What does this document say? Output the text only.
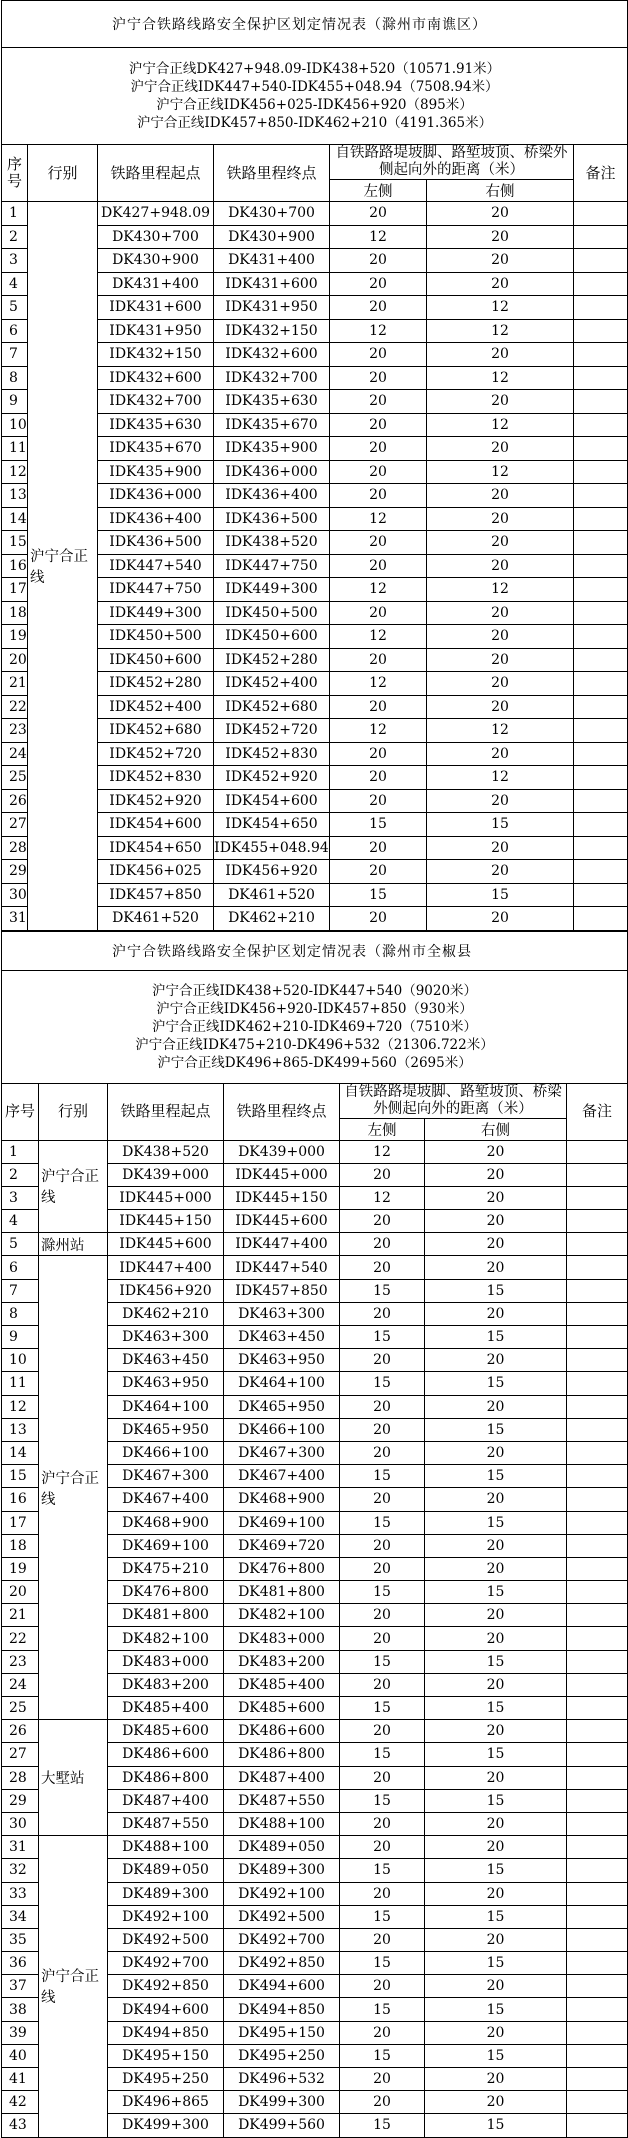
沪宁合铁路线路安全保护区划定情况表（滁州市南谯区）						

沪宁合正线DK427+948.09-IDK438+520（10571.91米）
沪宁合正线IDK447+540-IDK455+048.94（7508.94米）
沪宁合正线IDK456+025-IDK456+920（895米）
沪宁合正线IDK457+850-IDK462+210（4191.365米）						

序号	行别	铁路里程起点	铁路里程终点	自铁路路堤坡脚、路堑坡顶、桥梁外侧起向外的距离（米）		备注
				左侧	右侧	
1	沪宁合正线	DK427+948.09	DK430+700	20	20	
2		DK430+700	DK430+900	12	20	
3		DK430+900	DK431+400	20	20	
4		DK431+400	IDK431+600	20	20	
5		IDK431+600	IDK431+950	20	12	
6		IDK431+950	IDK432+150	12	12	
7		IDK432+150	IDK432+600	20	20	
8		IDK432+600	IDK432+700	20	12	
9		IDK432+700	IDK435+630	20	20	
10		IDK435+630	IDK435+670	20	12	
11		IDK435+670	IDK435+900	20	20	
12		IDK435+900	IDK436+000	20	12	
13		IDK436+000	IDK436+400	20	20	
14		IDK436+400	IDK436+500	12	20	
15		IDK436+500	IDK438+520	20	20	
16		IDK447+540	IDK447+750	20	20	
17		IDK447+750	IDK449+300	12	12	
18		IDK449+300	IDK450+500	20	20	
19		IDK450+500	IDK450+600	12	20	
20		IDK450+600	IDK452+280	20	20	
21		IDK452+280	IDK452+400	12	20	
22		IDK452+400	IDK452+680	20	20	
23		IDK452+680	IDK452+720	12	12	
24		IDK452+720	IDK452+830	20	20	
25		IDK452+830	IDK452+920	20	12	
26		IDK452+920	IDK454+600	20	20	
27		IDK454+600	IDK454+650	15	15	
28		IDK454+650	IDK455+048.94	20	20	
29		IDK456+025	IDK456+920	20	20	
30		IDK457+850	DK461+520	15	15	
31		DK461+520	DK462+210	20	20	
沪宁合铁路线路安全保护区划定情况表（滁州市全椒县						

沪宁合正线IDK438+520-IDK447+540（9020米）
沪宁合正线IDK456+920-IDK457+850（930米）
沪宁合正线IDK462+210-IDK469+720（7510米）
沪宁合正线IDK475+210-DK496+532（21306.722米）
沪宁合正线DK496+865-DK499+560（2695米）						

序号	行别	铁路里程起点	铁路里程终点	自铁路路堤坡脚、路堑坡顶、桥梁外侧起向外的距离（米）		备注
				左侧	右侧	
1	沪宁合正线	DK438+520	DK439+000	12	20	
2		DK439+000	IDK445+000	20	20	
3		IDK445+000	IDK445+150	12	20	
4		IDK445+150	IDK445+600	20	20	
5	滁州站	IDK445+600	IDK447+400	20	20	
6	沪宁合正线	IDK447+400	IDK447+540	20	20	
7		IDK456+920	IDK457+850	15	15	
8		DK462+210	DK463+300	20	20	
9		DK463+300	DK463+450	15	15	
10		DK463+450	DK463+950	20	20	
11		DK463+950	DK464+100	15	15	
12		DK464+100	DK465+950	20	20	
13		DK465+950	DK466+100	20	15	
14		DK466+100	DK467+300	20	20	
15		DK467+300	DK467+400	15	15	
16		DK467+400	DK468+900	20	20	
17		DK468+900	DK469+100	15	15	
18		DK469+100	DK469+720	20	20	
19		DK475+210	DK476+800	20	20	
20		DK476+800	DK481+800	15	15	
21		DK481+800	DK482+100	20	20	
22		DK482+100	DK483+000	20	20	
23		DK483+000	DK483+200	15	15	
24		DK483+200	DK485+400	20	20	
25		DK485+400	DK485+600	15	15	
26	大墅站	DK485+600	DK486+600	20	20	
27		DK486+600	DK486+800	15	15	
28		DK486+800	DK487+400	20	20	
29		DK487+400	DK487+550	15	15	
30		DK487+550	DK488+100	20	20	
31	沪宁合正线	DK488+100	DK489+050	20	20	
32		DK489+050	DK489+300	15	15	
33		DK489+300	DK492+100	20	20	
34		DK492+100	DK492+500	15	15	
35		DK492+500	DK492+700	20	20	
36		DK492+700	DK492+850	15	15	
37		DK492+850	DK494+600	20	20	
38		DK494+600	DK494+850	15	15	
39		DK494+850	DK495+150	20	20	
40		DK495+150	DK495+250	15	15	
41		DK495+250	DK496+532	20	20	
42		DK496+865	DK499+300	20	20	
43		DK499+300	DK499+560	15	15	
